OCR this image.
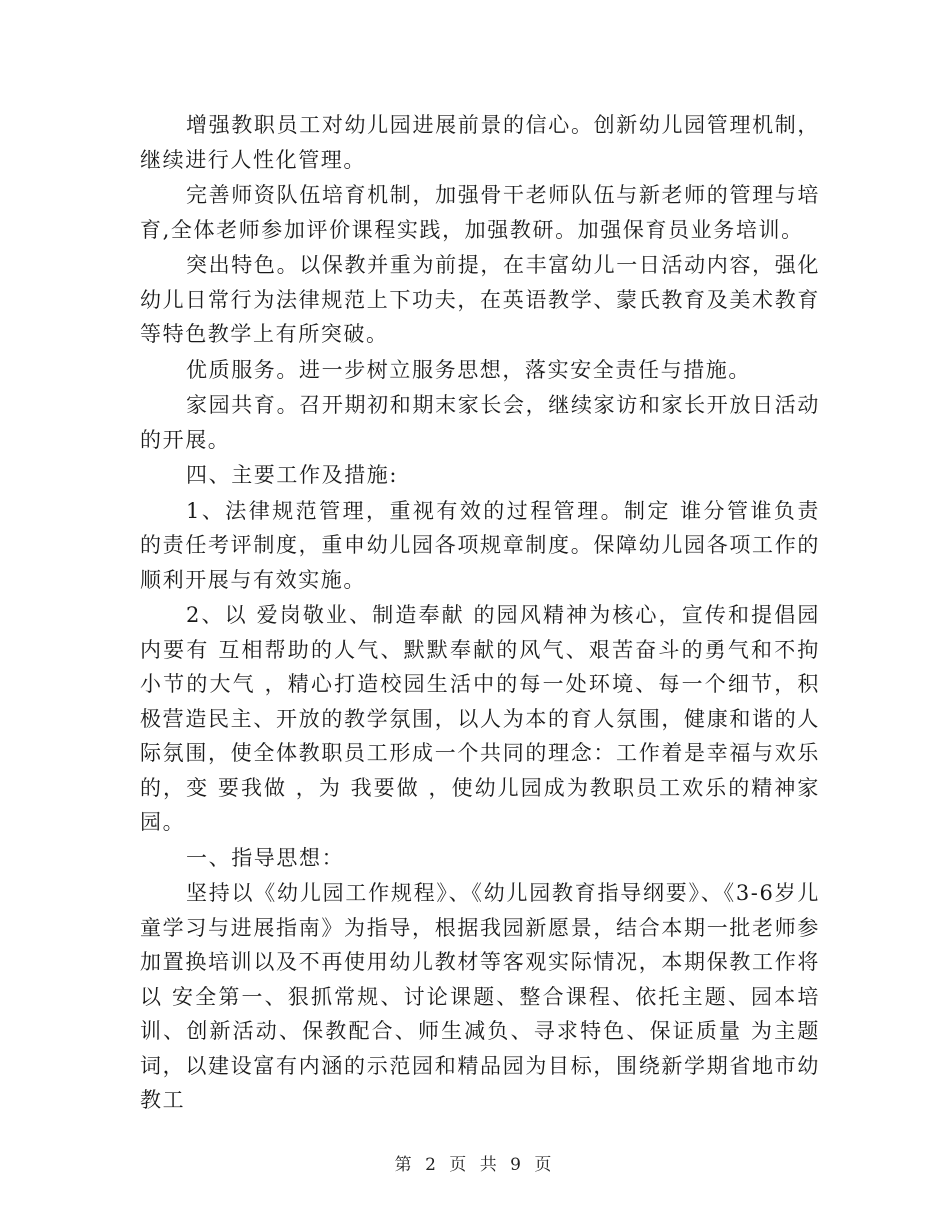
增强教职员工对幼儿园进展前景的信心。创新幼儿园管理机制，继续进行人性化管理。

完善师资队伍培育机制，加强骨干老师队伍与新老师的管理与培育,全体老师参加评价课程实践，加强教研。加强保育员业务培训。

突出特色。以保教并重为前提，在丰富幼儿一日活动内容，强化幼儿日常行为法律规范上下功夫，在英语教学、蒙氏教育及美术教育等特色教学上有所突破。

优质服务。进一步树立服务思想，落实安全责任与措施。

家园共育。召开期初和期末家长会，继续家访和家长开放日活动的开展。

四、主要工作及措施:

1、法律规范管理，重视有效的过程管理。制定 谁分管谁负责 的责任考评制度，重申幼儿园各项规章制度。保障幼儿园各项工作的顺利开展与有效实施。

2、以 爱岗敬业、制造奉献 的园风精神为核心，宣传和提倡园内要有 互相帮助的人气、默默奉献的风气、艰苦奋斗的勇气和不拘小节的大气 ，精心打造校园生活中的每一处环境、每一个细节，积极营造民主、开放的教学氛围，以人为本的育人氛围，健康和谐的人际氛围，使全体教职员工形成一个共同的理念：工作着是幸福与欢乐的，变 要我做 ，为 我要做 ，使幼儿园成为教职员工欢乐的精神家园。

一、指导思想：

坚持以《幼儿园工作规程》、《幼儿园教育指导纲要》、《3-6岁儿童学习与进展指南》为指导，根据我园新愿景，结合本期一批老师参加置换培训以及不再使用幼儿教材等客观实际情况，本期保教工作将以 安全第一、狠抓常规、讨论课题、整合课程、依托主题、园本培训、创新活动、保教配合、师生减负、寻求特色、保证质量 为主题词，以建设富有内涵的示范园和精品园为目标，围绕新学期省地市幼教工

第 2 页 共 9 页
